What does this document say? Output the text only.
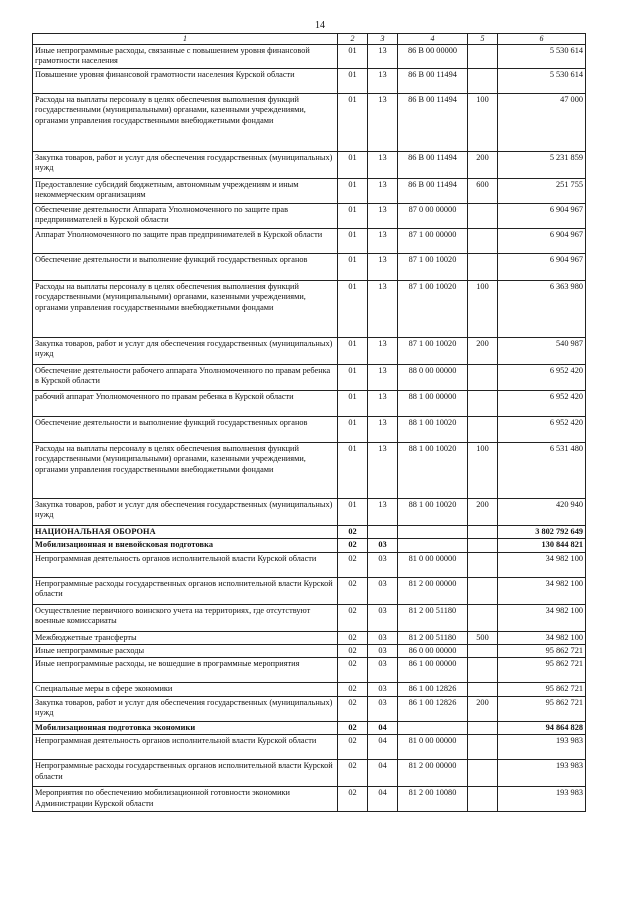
14
1	2	3	4	5	6
Иные непрограммные расходы, связанные с повышением уровня финансовой грамотности населения	01	13	86 В 00 00000		5 530 614
Повышение уровня финансовой грамотности населения Курской области	01	13	86 В 00 11494		5 530 614
Расходы на выплаты персоналу в целях обеспечения выполнения функций государственными (муниципальными) органами, казенными учреждениями, органами управления государственными внебюджетными фондами	01	13	86 В 00 11494	100	47 000
Закупка товаров, работ и услуг для обеспечения государственных (муниципальных) нужд	01	13	86 В 00 11494	200	5 231 859
Предоставление субсидий бюджетным, автономным учреждениям и иным некоммерческим организациям	01	13	86 В 00 11494	600	251 755
Обеспечение деятельности Аппарата Уполномоченного по защите прав предпринимателей в Курской области	01	13	87 0 00 00000		6 904 967
Аппарат Уполномоченного по защите прав предпринимателей в Курской области	01	13	87 1 00 00000		6 904 967
Обеспечение деятельности и выполнение функций государственных органов	01	13	87 1 00 10020		6 904 967
Расходы на выплаты персоналу в целях обеспечения выполнения функций государственными (муниципальными) органами, казенными учреждениями, органами управления государственными внебюджетными фондами	01	13	87 1 00 10020	100	6 363 980
Закупка товаров, работ и услуг для обеспечения государственных (муниципальных) нужд	01	13	87 1 00 10020	200	540 987
Обеспечение деятельности рабочего аппарата Уполномоченного по правам ребенка в Курской области	01	13	88 0 00 00000		6 952 420
рабочий аппарат Уполномоченного по правам ребенка в Курской области	01	13	88 1 00 00000		6 952 420
Обеспечение деятельности и выполнение функций государственных органов	01	13	88 1 00 10020		6 952 420
Расходы на выплаты персоналу в целях обеспечения выполнения функций государственными (муниципальными) органами, казенными учреждениями, органами управления государственными внебюджетными фондами	01	13	88 1 00 10020	100	6 531 480
Закупка товаров, работ и услуг для обеспечения государственных (муниципальных) нужд	01	13	88 1 00 10020	200	420 940
НАЦИОНАЛЬНАЯ ОБОРОНА	02				3 802 792 649
Мобилизационная и вневойсковая подготовка	02	03			130 844 821
Непрограммная деятельность органов исполнительной власти Курской области	02	03	81 0 00 00000		34 982 100
Непрограммные расходы государственных органов исполнительной власти Курской области	02	03	81 2 00 00000		34 982 100
Осуществление первичного воинского учета на территориях, где отсутствуют военные комиссариаты	02	03	81 2 00 51180		34 982 100
Межбюджетные трансферты	02	03	81 2 00 51180	500	34 982 100
Иные непрограммные расходы	02	03	86 0 00 00000		95 862 721
Иные непрограммные расходы, не вошедшие в программные мероприятия	02	03	86 1 00 00000		95 862 721
Специальные меры в сфере экономики	02	03	86 1 00 12826		95 862 721
Закупка товаров, работ и услуг для обеспечения государственных (муниципальных) нужд	02	03	86 1 00 12826	200	95 862 721
Мобилизационная подготовка экономики	02	04			94 864 828
Непрограммная деятельность органов исполнительной власти Курской области	02	04	81 0 00 00000		193 983
Непрограммные расходы государственных органов исполнительной власти Курской области	02	04	81 2 00 00000		193 983
Мероприятия по обеспечению мобилизационной готовности экономики Администрации Курской области	02	04	81 2 00 10080		193 983
